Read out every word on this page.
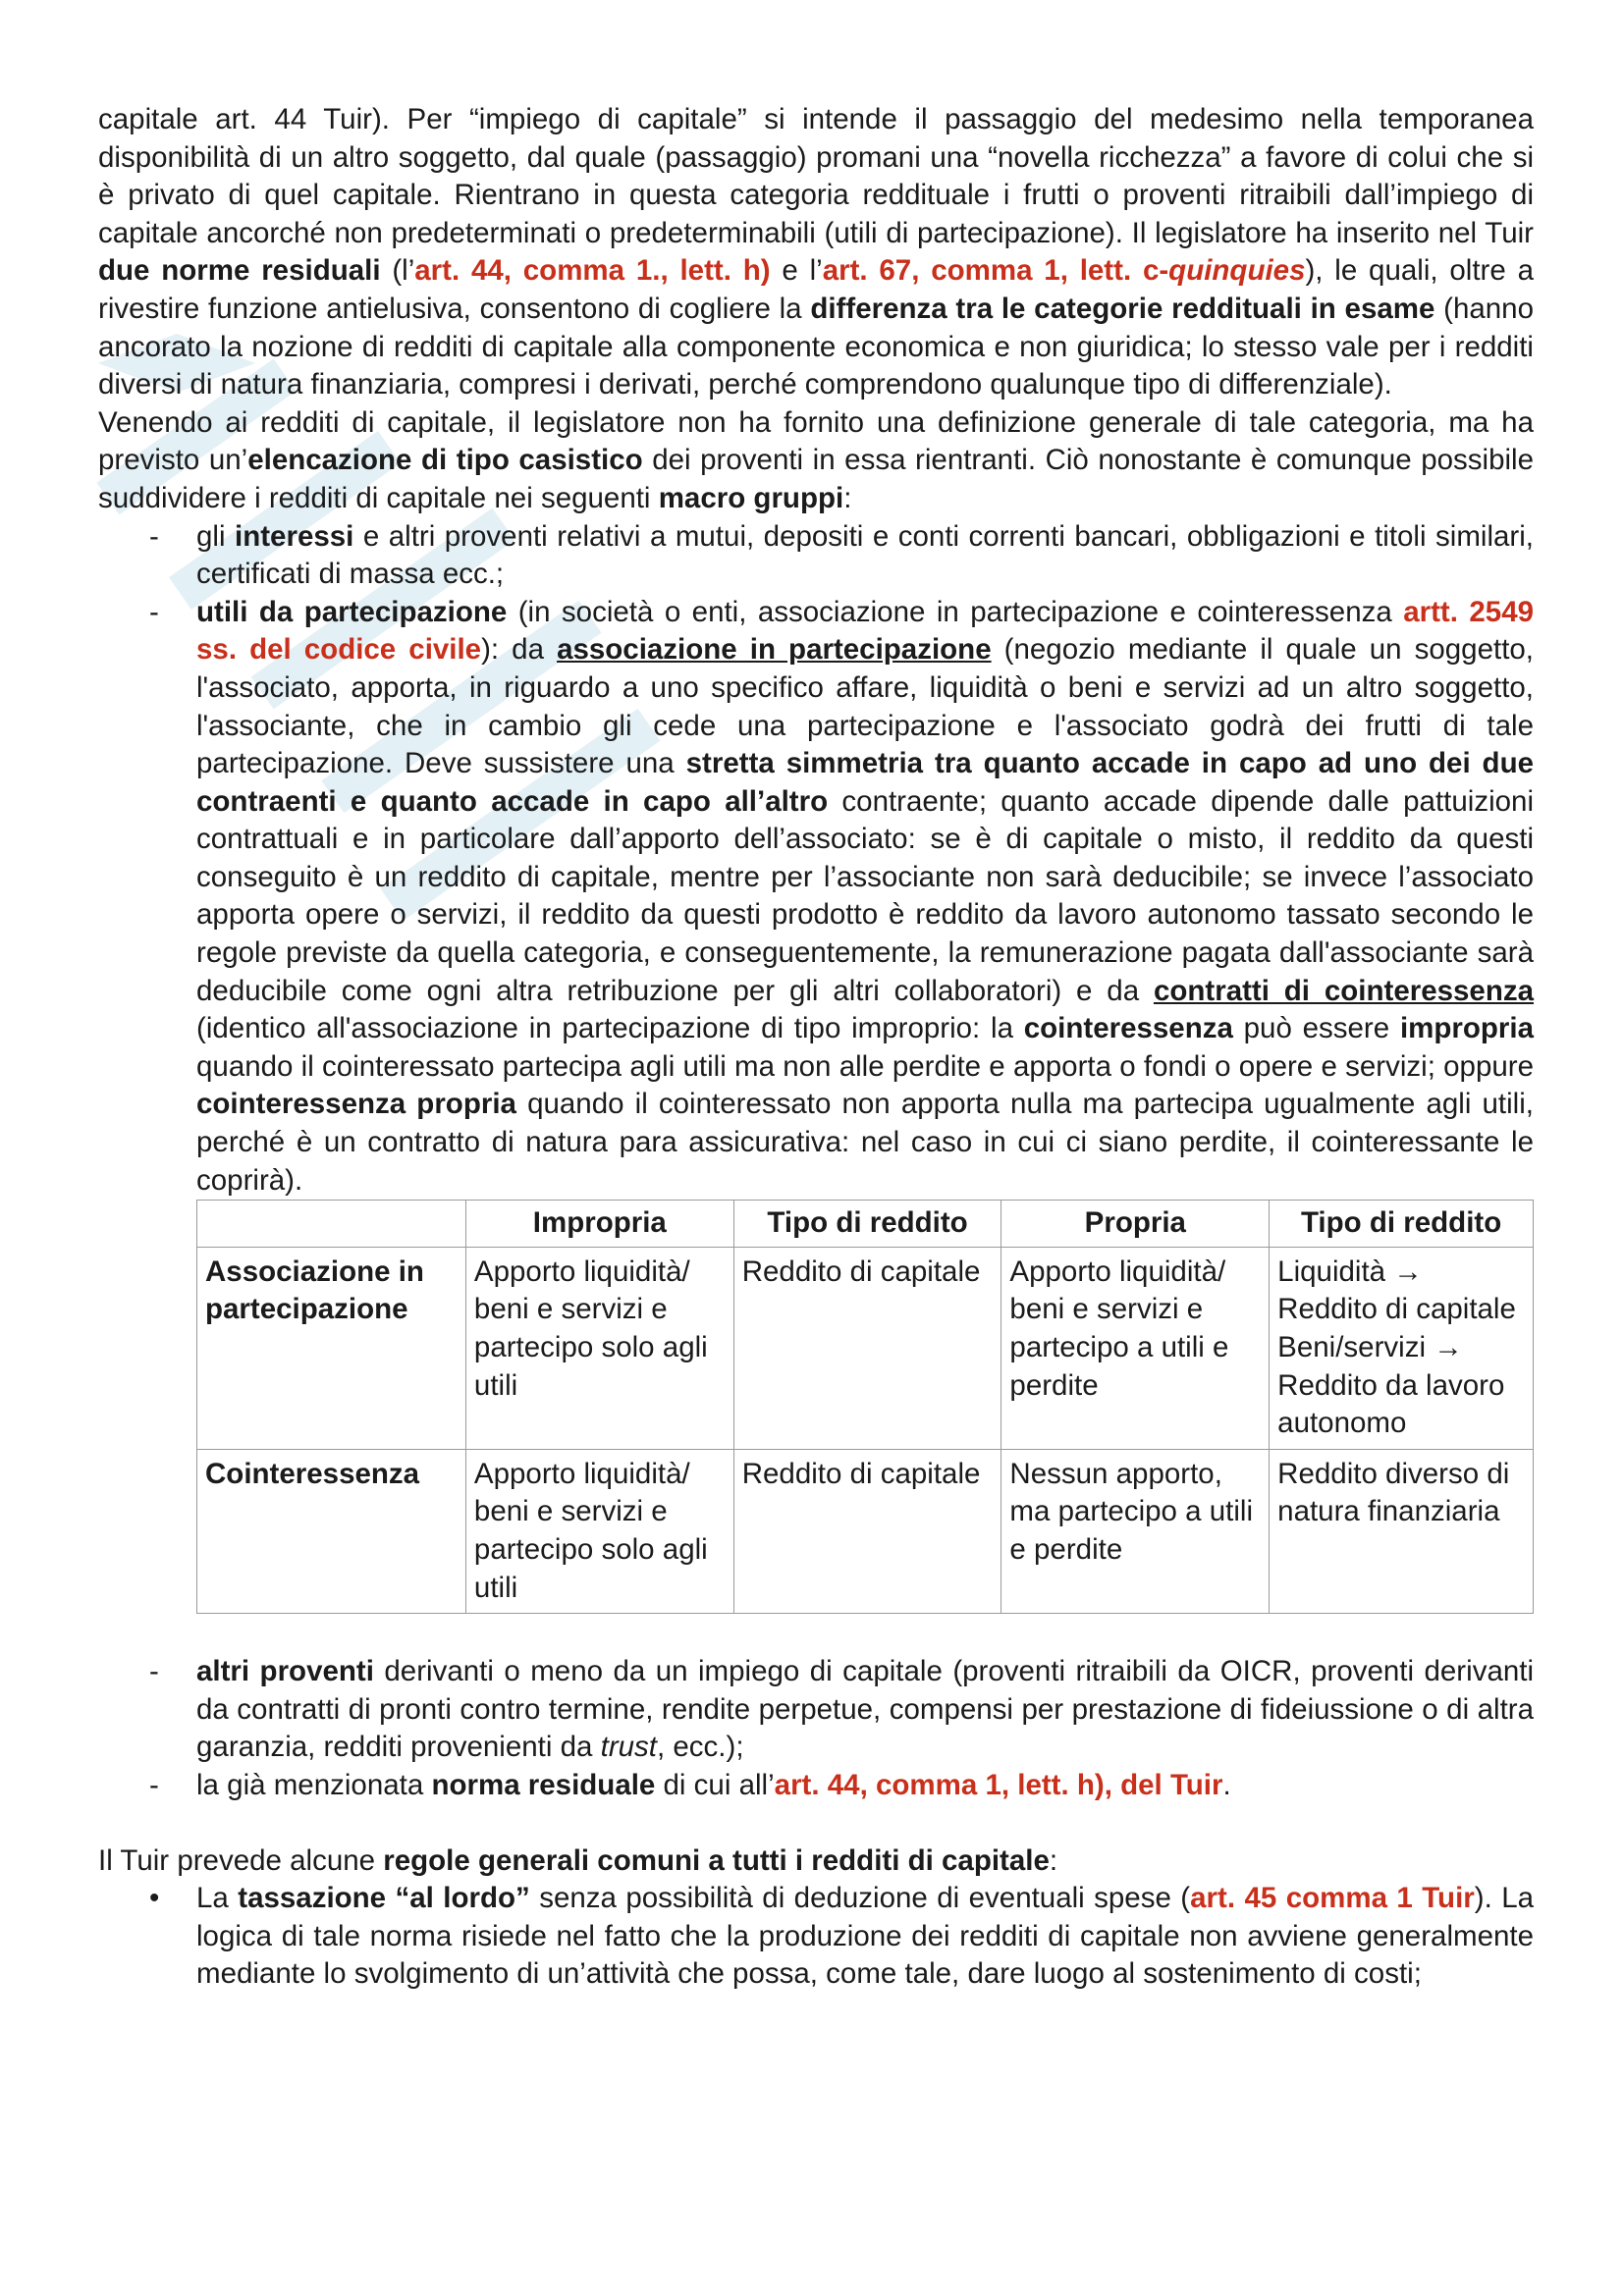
capitale art. 44 Tuir). Per “impiego di capitale” si intende il passaggio del medesimo nella temporanea disponibilità di un altro soggetto, dal quale (passaggio) promani una “novella ricchezza” a favore di colui che si è privato di quel capitale. Rientrano in questa categoria reddituale i frutti o proventi ritraibili dall’impiego di capitale ancorché non predeterminati o predeterminabili (utili di partecipazione). Il legislatore ha inserito nel Tuir due norme residuali (l’art. 44, comma 1., lett. h) e l’art. 67, comma 1, lett. c-quinquies), le quali, oltre a rivestire funzione antielusiva, consentono di cogliere la differenza tra le categorie reddituali in esame (hanno ancorato la nozione di redditi di capitale alla componente economica e non giuridica; lo stesso vale per i redditi diversi di natura finanziaria, compresi i derivati, perché comprendono qualunque tipo di differenziale).

Venendo ai redditi di capitale, il legislatore non ha fornito una definizione generale di tale categoria, ma ha previsto un’elencazione di tipo casistico dei proventi in essa rientranti. Ciò nonostante è comunque possibile suddividere i redditi di capitale nei seguenti macro gruppi:

- gli interessi e altri proventi relativi a mutui, depositi e conti correnti bancari, obbligazioni e titoli similari, certificati di massa ecc.;
- utili da partecipazione (in società o enti, associazione in partecipazione e cointeressenza artt. 2549 ss. del codice civile): da associazione in partecipazione (negozio mediante il quale un soggetto, l'associato, apporta, in riguardo a uno specifico affare, liquidità o beni e servizi ad un altro soggetto, l'associante, che in cambio gli cede una partecipazione e l'associato godrà dei frutti di tale partecipazione. Deve sussistere una stretta simmetria tra quanto accade in capo ad uno dei due contraenti e quanto accade in capo all’altro contraente; quanto accade dipende dalle pattuizioni contrattuali e in particolare dall’apporto dell’associato: se è di capitale o misto, il reddito da questi conseguito è un reddito di capitale, mentre per l’associante non sarà deducibile; se invece l’associato apporta opere o servizi, il reddito da questi prodotto è reddito da lavoro autonomo tassato secondo le regole previste da quella categoria, e conseguentemente, la remunerazione pagata dall'associante sarà deducibile come ogni altra retribuzione per gli altri collaboratori) e da contratti di cointeressenza (identico all'associazione in partecipazione di tipo improprio: la cointeressenza può essere impropria quando il cointeressato partecipa agli utili ma non alle perdite e apporta o fondi o opere e servizi; oppure cointeressenza propria quando il cointeressato non apporta nulla ma partecipa ugualmente agli utili, perché è un contratto di natura para assicurativa: nel caso in cui ci siano perdite, il cointeressante le coprirà).
	Impropria	Tipo di reddito	Propria	Tipo di reddito
Associazione in partecipazione	Apporto liquidità/ beni e servizi e partecipo solo agli utili	Reddito di capitale	Apporto liquidità/ beni e servizi e partecipo a utili e perdite	Liquidità → Reddito di capitale
Beni/servizi → Reddito da lavoro autonomo

Cointeressenza	Apporto liquidità/ beni e servizi e partecipo solo agli utili	Reddito di capitale	Nessun apporto, ma partecipo a utili e perdite	Reddito diverso di natura finanziaria
- altri proventi derivanti o meno da un impiego di capitale (proventi ritraibili da OICR, proventi derivanti da contratti di pronti contro termine, rendite perpetue, compensi per prestazione di fideiussione o di altra garanzia, redditi provenienti da trust, ecc.);
- la già menzionata norma residuale di cui all’art. 44, comma 1, lett. h), del Tuir.

Il Tuir prevede alcune regole generali comuni a tutti i redditi di capitale:

• La tassazione “al lordo” senza possibilità di deduzione di eventuali spese (art. 45 comma 1 Tuir). La logica di tale norma risiede nel fatto che la produzione dei redditi di capitale non avviene generalmente mediante lo svolgimento di un’attività che possa, come tale, dare luogo al sostenimento di costi;
